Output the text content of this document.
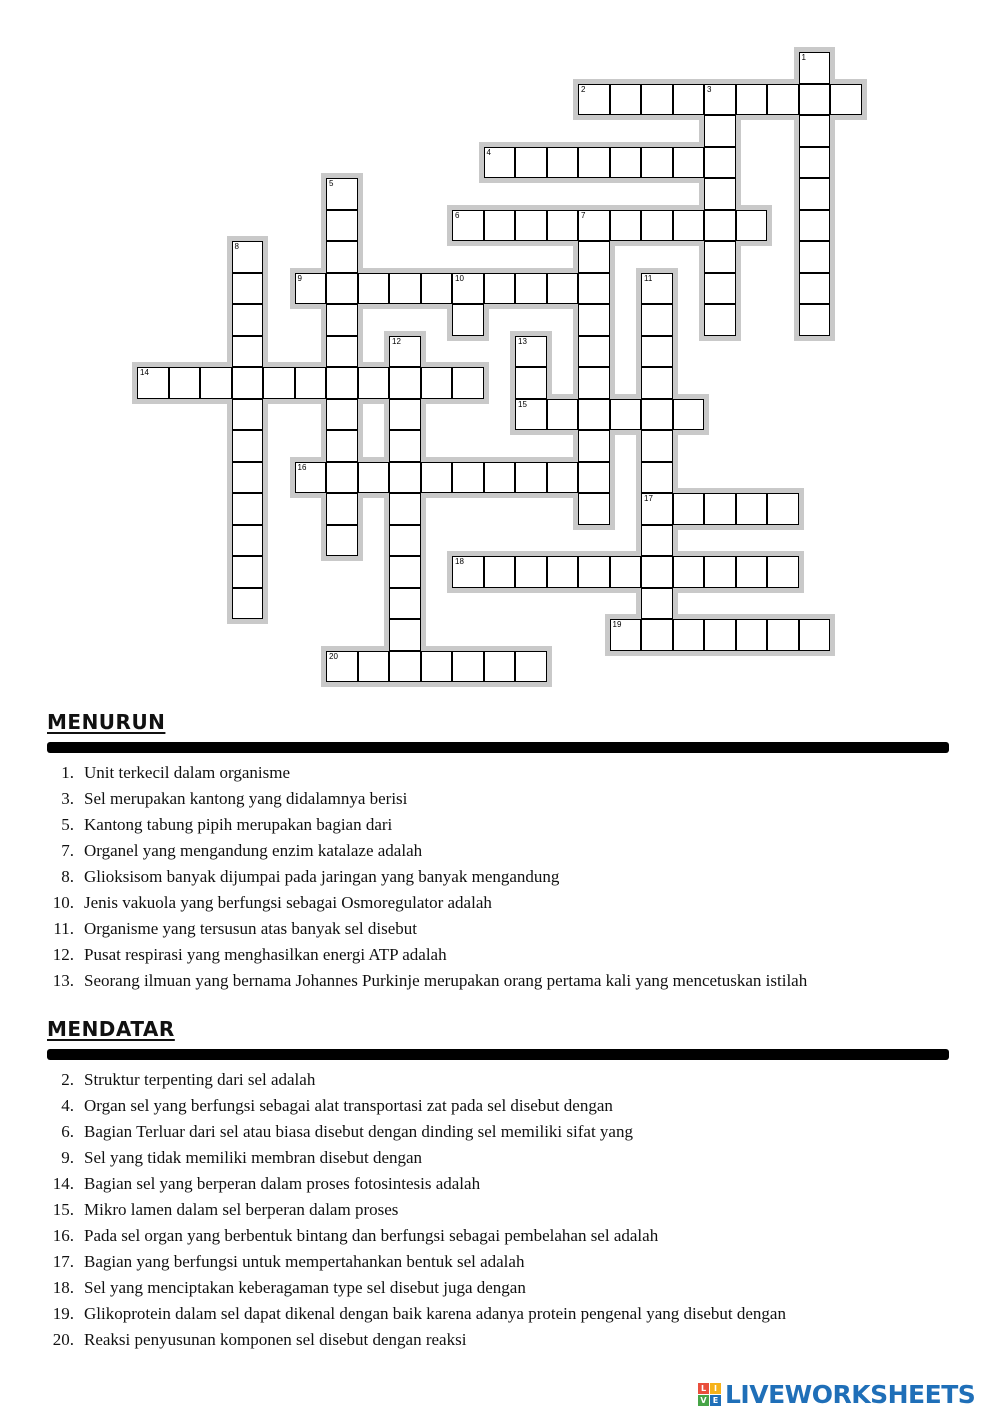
1
2	3
4
5
6	7
8
9	10	11
17
12	13
15
14
16
18
19
20
MENURUN
1. Unit terkecil dalam organisme
3. Sel merupakan kantong yang didalamnya berisi
5. Kantong tabung pipih merupakan bagian dari
7. Organel yang mengandung enzim katalaze adalah
8. Glioksisom banyak dijumpai pada jaringan yang banyak mengandung
10. Jenis vakuola yang berfungsi sebagai Osmoregulator adalah
11. Organisme yang tersusun atas banyak sel disebut
12. Pusat respirasi yang menghasilkan energi ATP adalah
13. Seorang ilmuan yang bernama Johannes Purkinje merupakan orang pertama kali yang mencetuskan istilah
MENDATAR
2. Struktur terpenting dari sel adalah
4. Organ sel yang berfungsi sebagai alat transportasi zat pada sel disebut dengan
6. Bagian Terluar dari sel atau biasa disebut dengan dinding sel memiliki sifat yang
9. Sel yang tidak memiliki membran disebut dengan
14. Bagian sel yang berperan dalam proses fotosintesis adalah
15. Mikro lamen dalam sel berperan dalam proses
16. Pada sel organ yang berbentuk bintang dan berfungsi sebagai pembelahan sel adalah
17. Bagian yang berfungsi untuk mempertahankan bentuk sel adalah
18. Sel yang menciptakan keberagaman type sel disebut juga dengan
19. Glikoprotein dalam sel dapat dikenal dengan baik karena adanya protein pengenal yang disebut dengan
20. Reaksi penyusunan komponen sel disebut dengan reaksi
L I
V E LIVEWORKSHEETS
